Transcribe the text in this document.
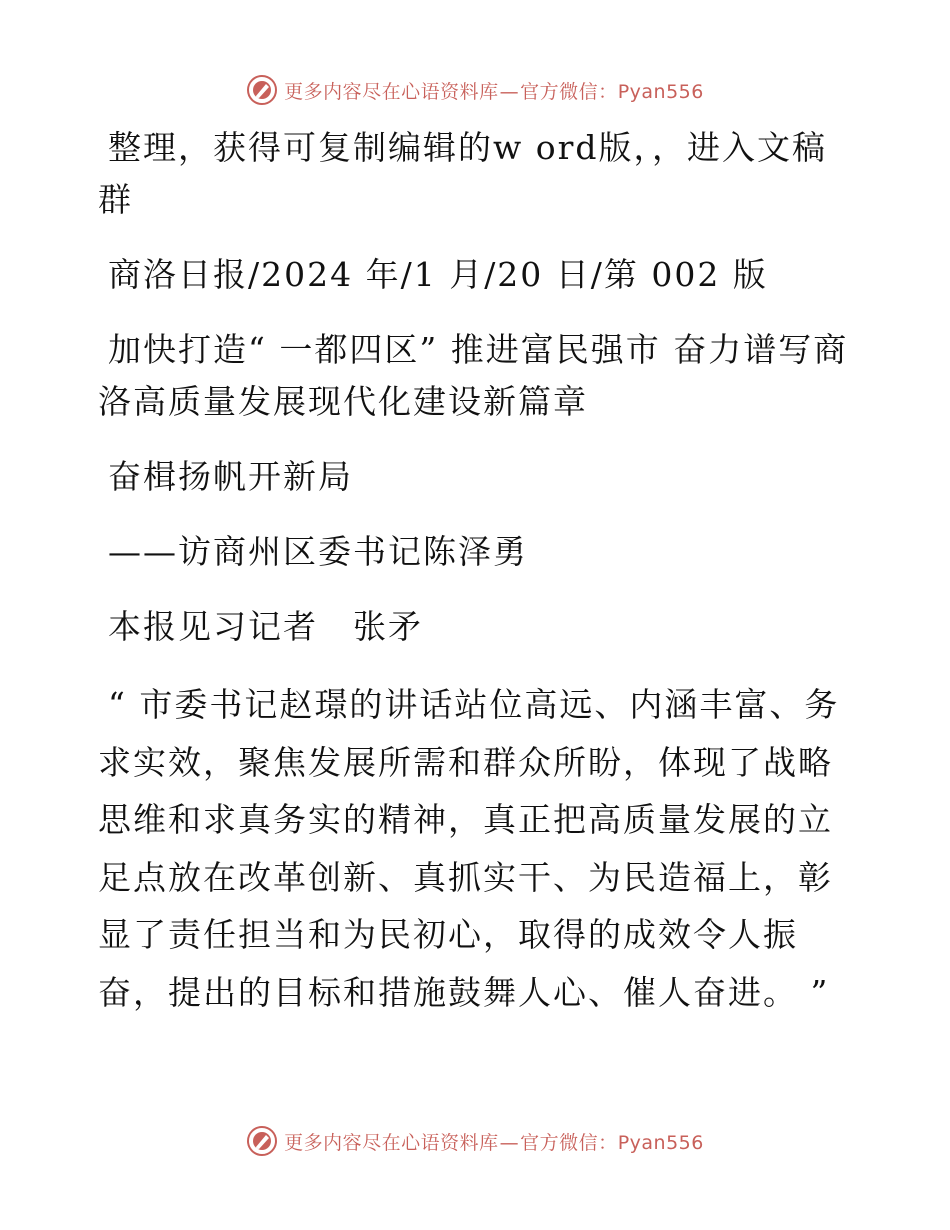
更多内容尽在心语资料库—官方微信：Pyan556

整理，获得可复制编辑的w ord版，，进入文稿群

商洛日报/2024 年/1 月/20 日/第 002 版

加快打造“ 一都四区” 推进富民强市 奋力谱写商洛高质量发展现代化建设新篇章

奋楫扬帆开新局

——访商州区委书记陈泽勇

本报见习记者　张矛

“ 市委书记赵璟的讲话站位高远、内涵丰富、务求实效，聚焦发展所需和群众所盼，体现了战略思维和求真务实的精神，真正把高质量发展的立足点放在改革创新、真抓实干、为民造福上，彰显了责任担当和为民初心，取得的成效令人振奋，提出的目标和措施鼓舞人心、催人奋进。 ”

更多内容尽在心语资料库—官方微信：Pyan556
